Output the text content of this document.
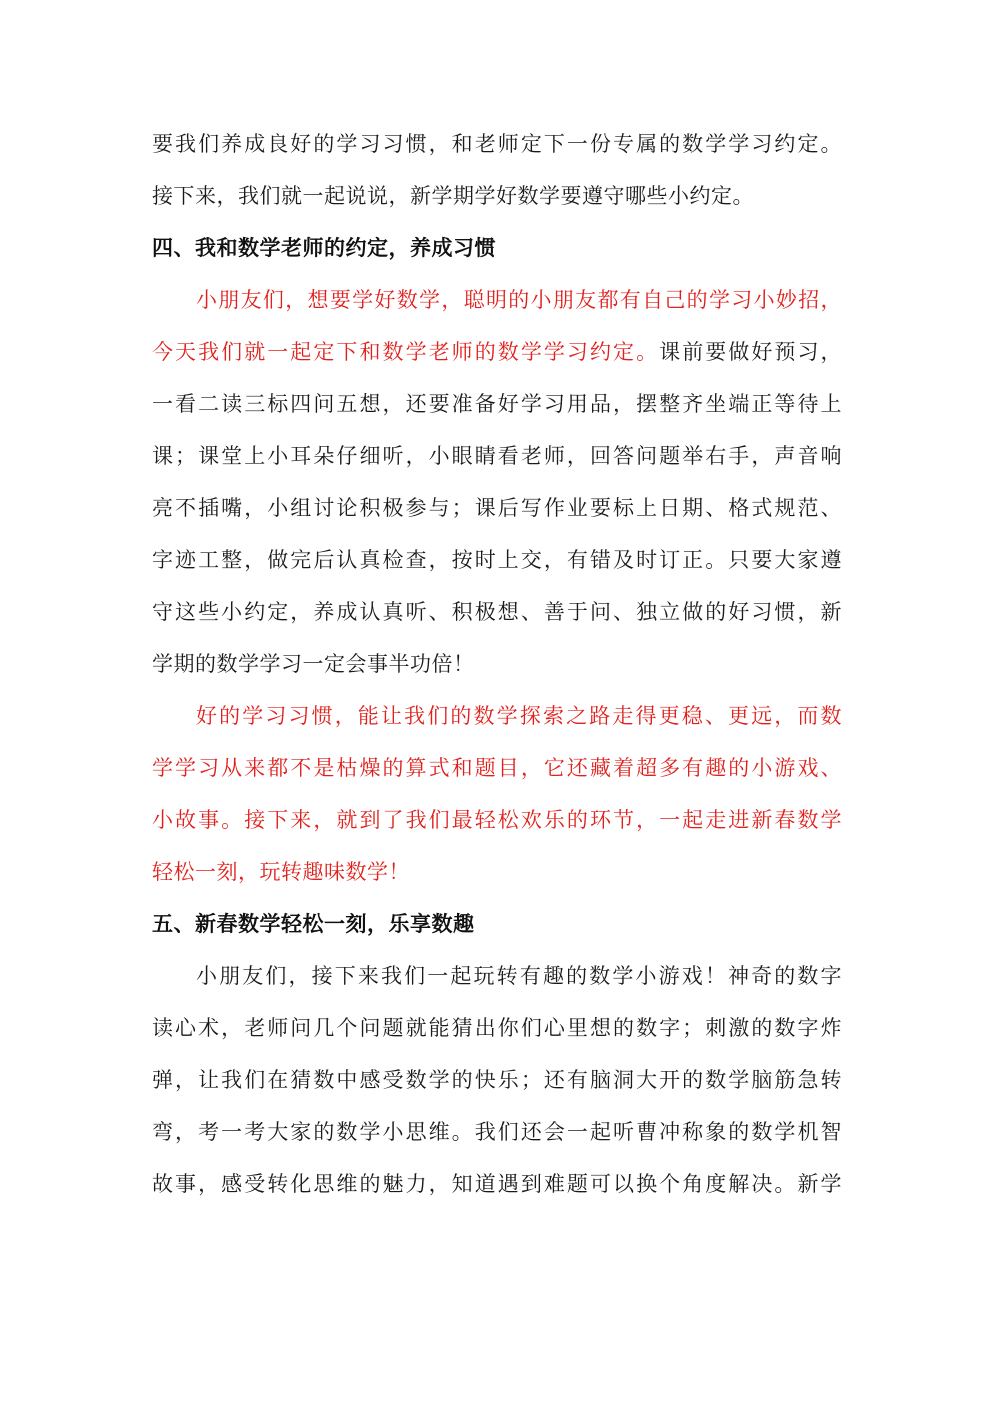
要我们养成良好的学习习惯，和老师定下一份专属的数学学习约定。
接下来，我们就一起说说，新学期学好数学要遵守哪些小约定。
四、我和数学老师的约定，养成习惯
小朋友们，想要学好数学，聪明的小朋友都有自己的学习小妙招，
今天我们就一起定下和数学老师的数学学习约定。课前要做好预习，
一看二读三标四问五想，还要准备好学习用品，摆整齐坐端正等待上
课；课堂上小耳朵仔细听，小眼睛看老师，回答问题举右手，声音响
亮不插嘴，小组讨论积极参与；课后写作业要标上日期、格式规范、
字迹工整，做完后认真检查，按时上交，有错及时订正。只要大家遵
守这些小约定，养成认真听、积极想、善于问、独立做的好习惯，新
学期的数学学习一定会事半功倍！
好的学习习惯，能让我们的数学探索之路走得更稳、更远，而数
学学习从来都不是枯燥的算式和题目，它还藏着超多有趣的小游戏、
小故事。接下来，就到了我们最轻松欢乐的环节，一起走进新春数学
轻松一刻，玩转趣味数学！
五、新春数学轻松一刻，乐享数趣
小朋友们，接下来我们一起玩转有趣的数学小游戏！神奇的数字
读心术，老师问几个问题就能猜出你们心里想的数字；刺激的数字炸
弹，让我们在猜数中感受数学的快乐；还有脑洞大开的数学脑筋急转
弯，考一考大家的数学小思维。我们还会一起听曹冲称象的数学机智
故事，感受转化思维的魅力，知道遇到难题可以换个角度解决。新学
